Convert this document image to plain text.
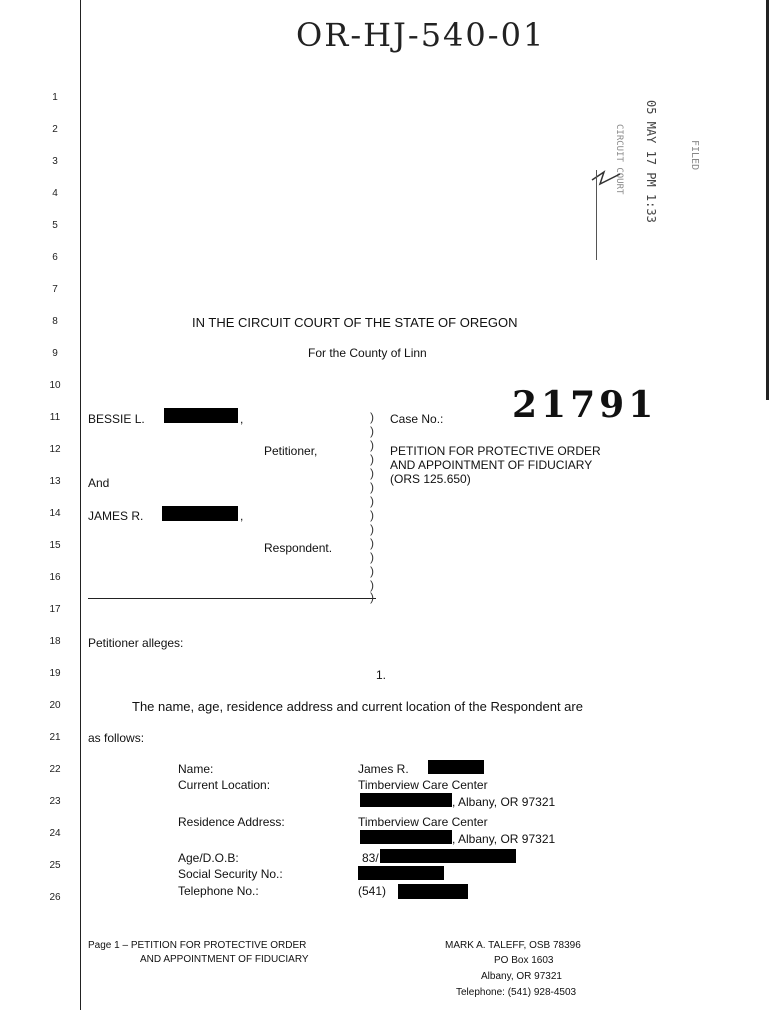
OR-HJ-540-01
05 MAY 17 PM 1:33	FILED
CIRCUIT COURT
1
2
3
4
5
6
7
8
9
10
11
12
13
14
15
16
17
18
19
20
21
22
23
24
25
26
IN THE CIRCUIT COURT OF THE STATE OF OREGON
For the County of Linn
BESSIE L.	,
Petitioner,
And
JAMES R.	,
Respondent.
)
)
)
)
)
)
)
)
)
)
)
)
)
)
Case No.: 21791
PETITION FOR PROTECTIVE ORDER
AND APPOINTMENT OF FIDUCIARY
(ORS 125.650)
Petitioner alleges:
1.
The name, age, residence address and current location of the Respondent are
as follows:
Name:	James R.
Current Location:	Timberview Care Center
, Albany, OR 97321
Residence Address:	Timberview Care Center
, Albany, OR 97321
Age/D.O.B:	83/
Social Security No.:
Telephone No.:	(541)
Page 1 – PETITION FOR PROTECTIVE ORDER
AND APPOINTMENT OF FIDUCIARY
MARK A. TALEFF, OSB 78396
PO Box 1603
Albany, OR 97321
Telephone: (541) 928-4503
